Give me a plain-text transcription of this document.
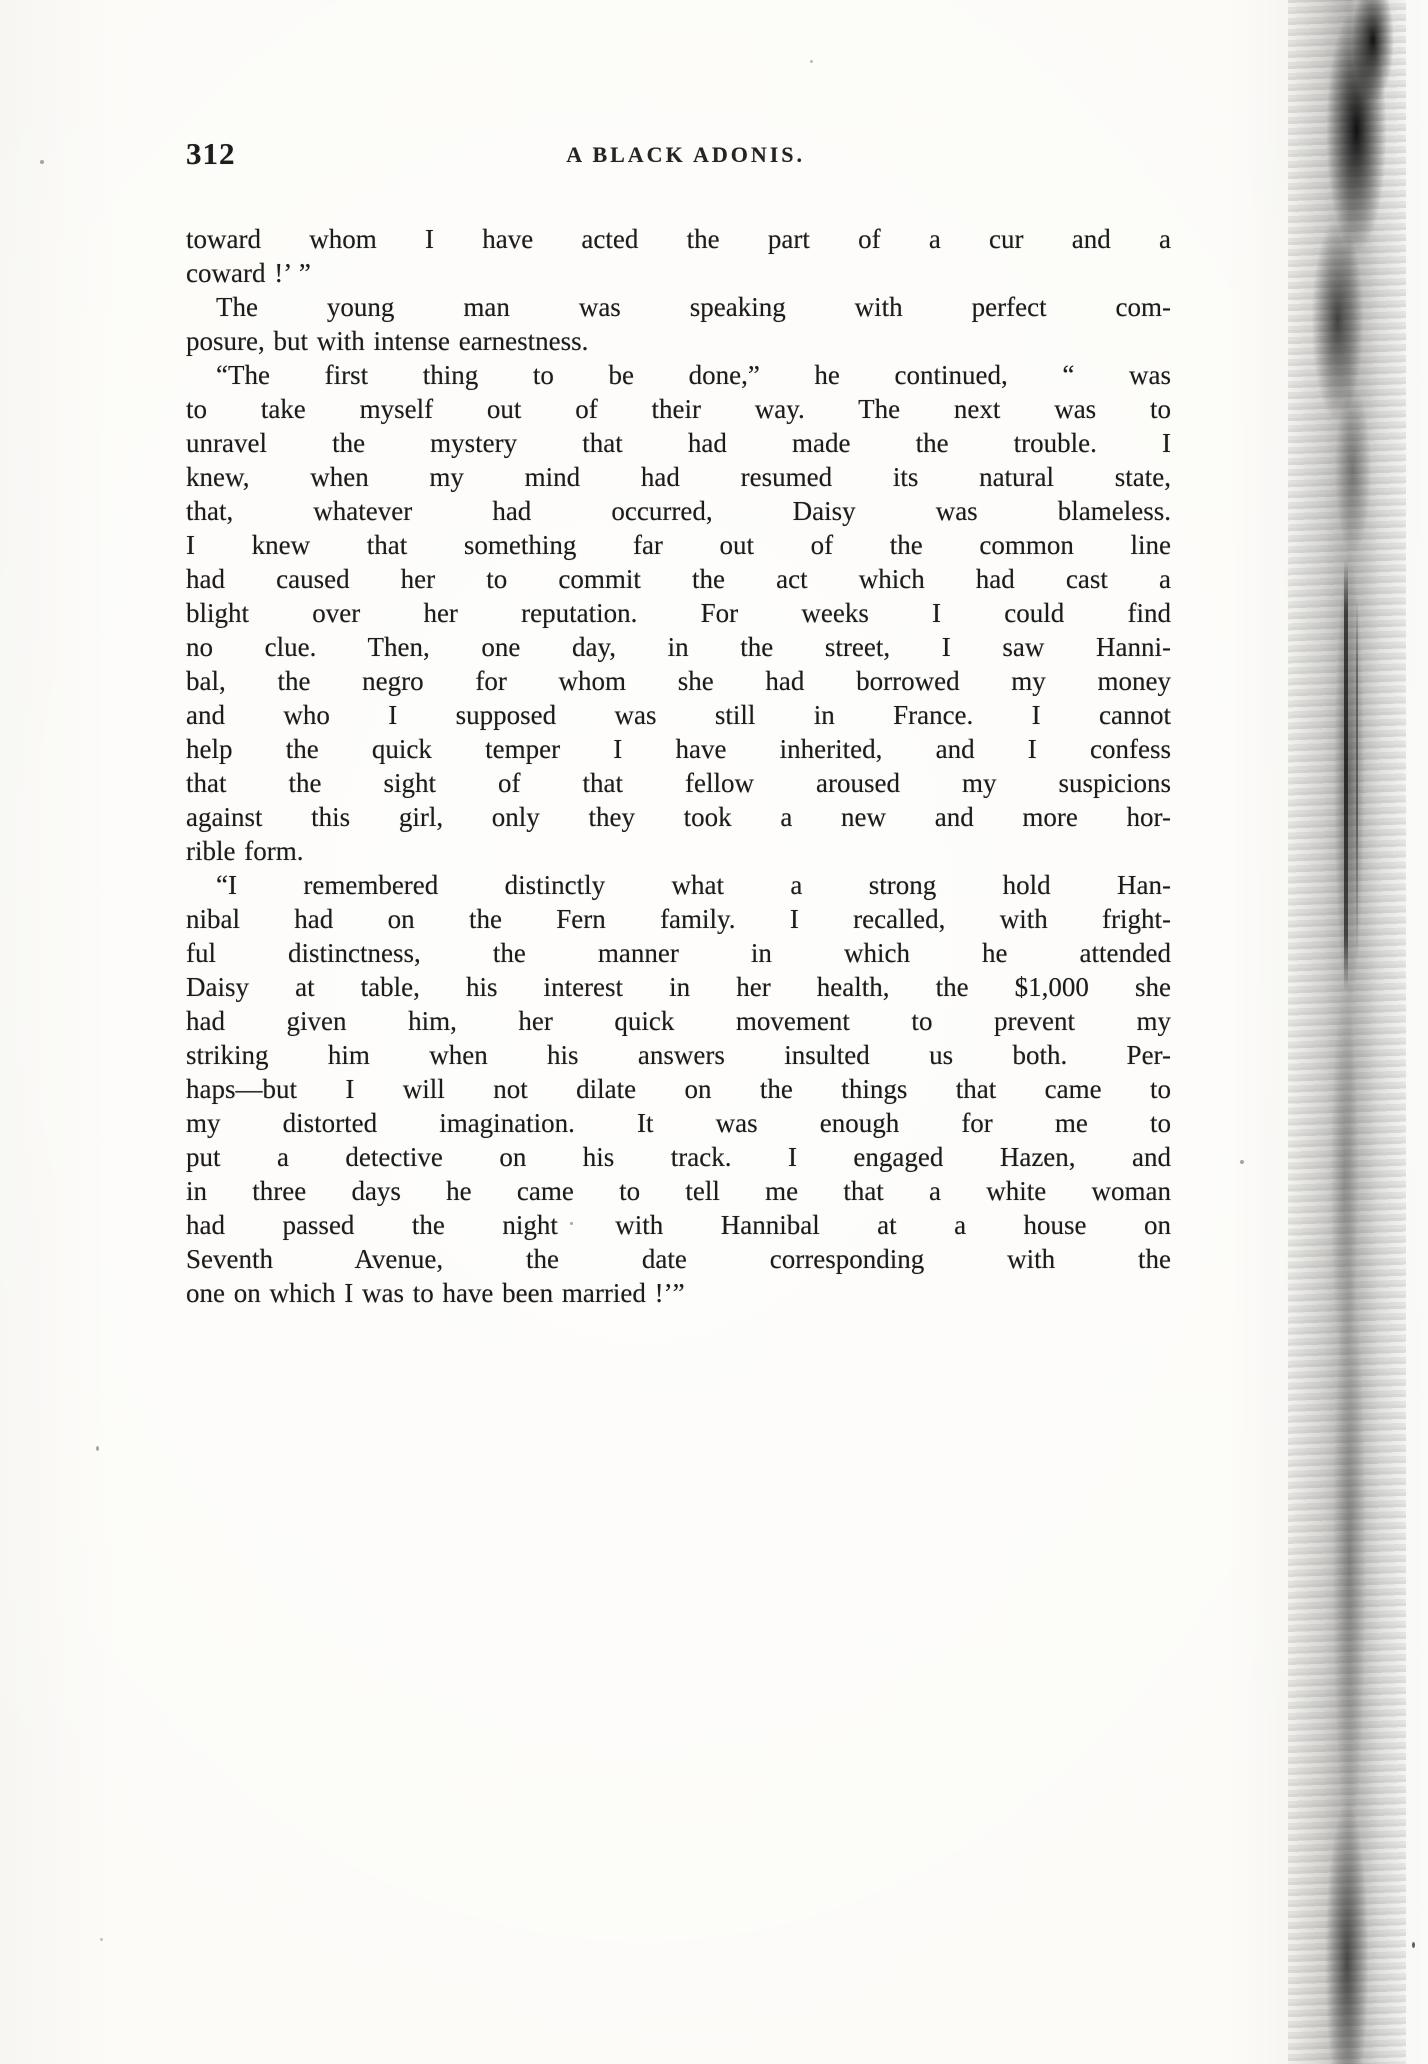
312	A BLACK ADONIS.
toward whom I have acted the part of a cur and a
coward !’ ”
The young man was speaking with perfect com-
posure, but with intense earnestness.
“The first thing to be done,” he continued, “ was
to take myself out of their way. The next was to
unravel the mystery that had made the trouble. I
knew, when my mind had resumed its natural state,
that, whatever had occurred, Daisy was blameless.
I knew that something far out of the common line
had caused her to commit the act which had cast a
blight over her reputation. For weeks I could find
no clue. Then, one day, in the street, I saw Hanni-
bal, the negro for whom she had borrowed my money
and who I supposed was still in France. I cannot
help the quick temper I have inherited, and I confess
that the sight of that fellow aroused my suspicions
against this girl, only they took a new and more hor-
rible form.
“I remembered distinctly what a strong hold Han-
nibal had on the Fern family. I recalled, with fright-
ful distinctness, the manner in which he attended
Daisy at table, his interest in her health, the $1,000 she
had given him, her quick movement to prevent my
striking him when his answers insulted us both. Per-
haps—but I will not dilate on the things that came to
my distorted imagination. It was enough for me to
put a detective on his track. I engaged Hazen, and
in three days he came to tell me that a white woman
had passed the night with Hannibal at a house on
Seventh Avenue, the date corresponding with the
one on which I was to have been married !’”
